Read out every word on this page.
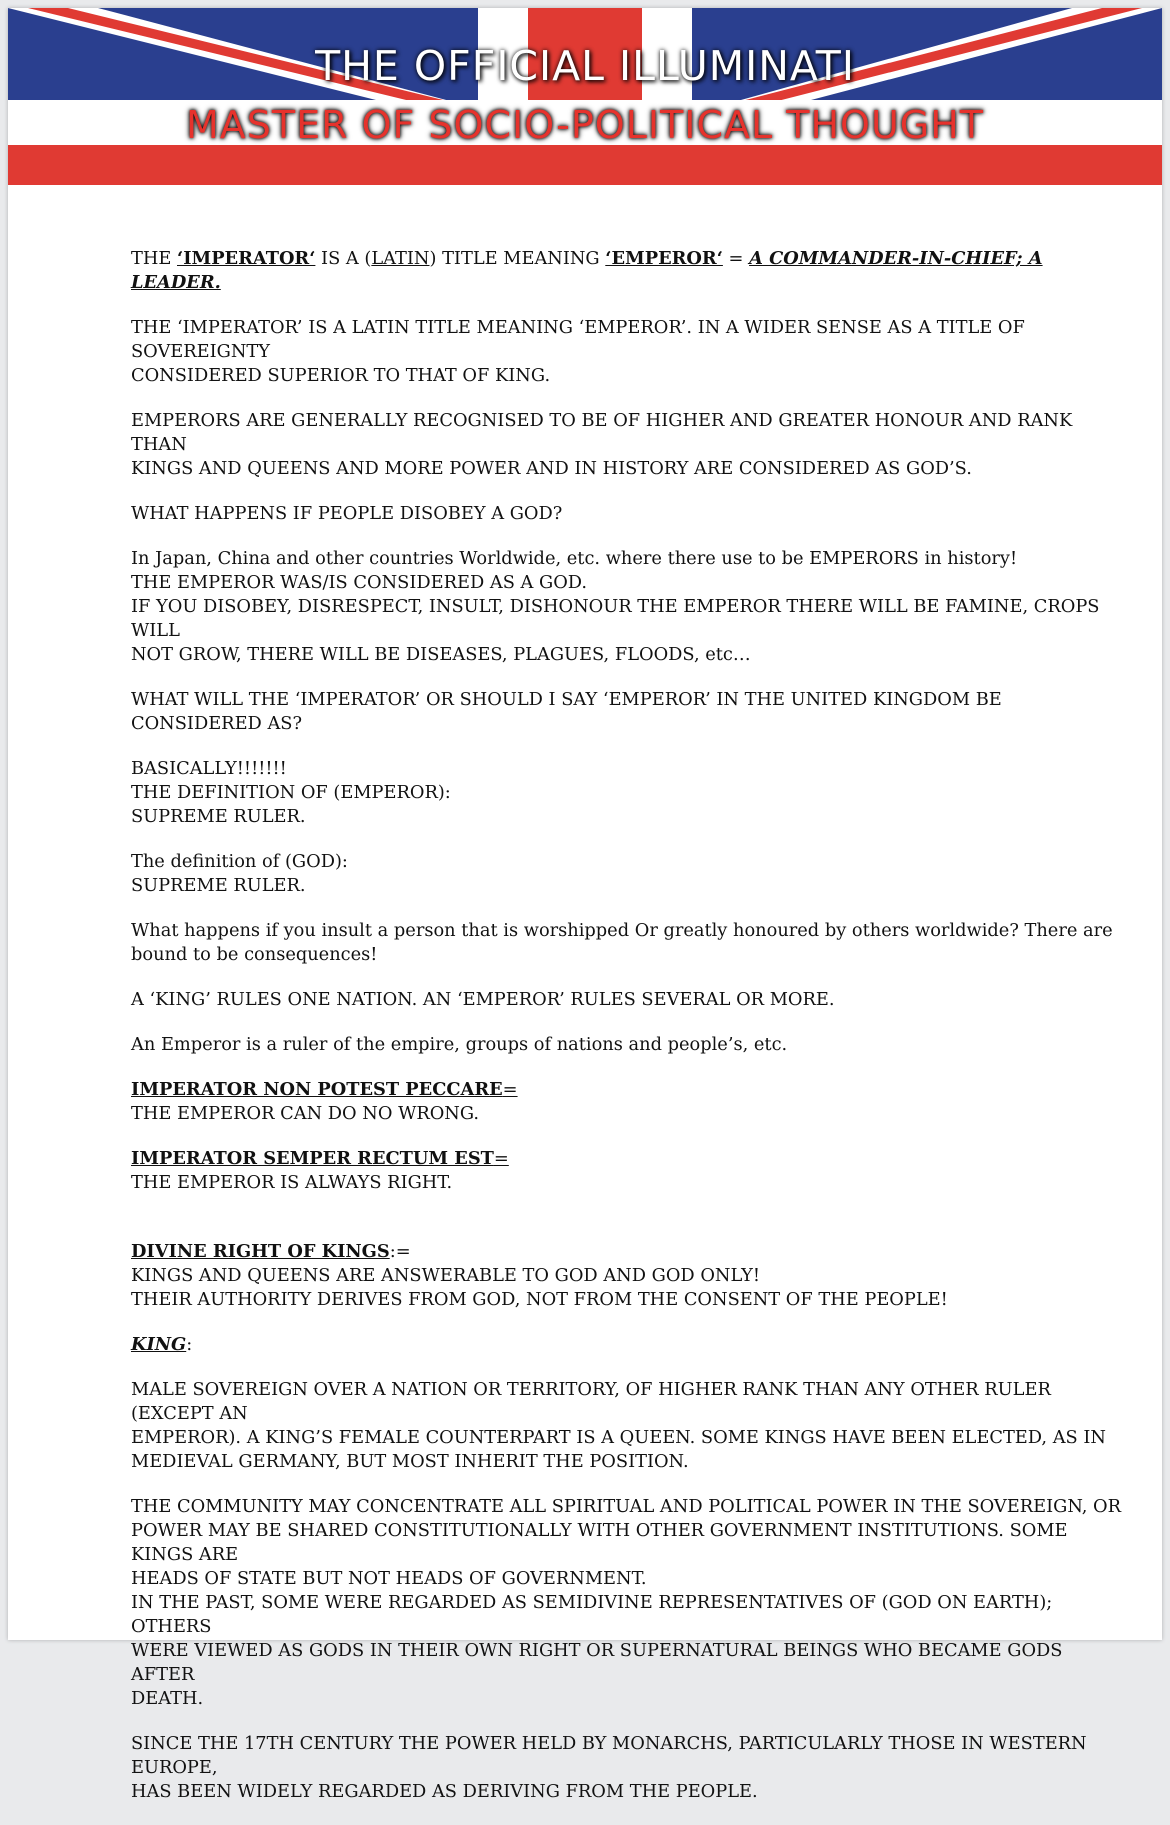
THE OFFICIAL ILLUMINATI
MASTER OF SOCIO-POLITICAL THOUGHT

THE ‘IMPERATOR‘ IS A (LATIN) TITLE MEANING ‘EMPEROR‘ = A COMMANDER-IN-CHIEF; A LEADER.

THE ‘IMPERATOR’ IS A LATIN TITLE MEANING ‘EMPEROR’. IN A WIDER SENSE AS A TITLE OF SOVEREIGNTY
CONSIDERED SUPERIOR TO THAT OF KING.

EMPERORS ARE GENERALLY RECOGNISED TO BE OF HIGHER AND GREATER HONOUR AND RANK THAN
KINGS AND QUEENS AND MORE POWER AND IN HISTORY ARE CONSIDERED AS GOD’S.

WHAT HAPPENS IF PEOPLE DISOBEY A GOD?

In Japan, China and other countries Worldwide, etc. where there use to be EMPERORS in history!
THE EMPEROR WAS/IS CONSIDERED AS A GOD.
IF YOU DISOBEY, DISRESPECT, INSULT, DISHONOUR THE EMPEROR THERE WILL BE FAMINE, CROPS WILL
NOT GROW, THERE WILL BE DISEASES, PLAGUES, FLOODS, etc…

WHAT WILL THE ‘IMPERATOR’ OR SHOULD I SAY ‘EMPEROR’ IN THE UNITED KINGDOM BE CONSIDERED AS?

BASICALLY!!!!!!!
THE DEFINITION OF (EMPEROR):
SUPREME RULER.

The definition of (GOD):
SUPREME RULER.

What happens if you insult a person that is worshipped Or greatly honoured by others worldwide? There are
bound to be consequences!

A ‘KING’ RULES ONE NATION. AN ‘EMPEROR’ RULES SEVERAL OR MORE.

An Emperor is a ruler of the empire, groups of nations and people’s, etc.

IMPERATOR NON POTEST PECCARE=
THE EMPEROR CAN DO NO WRONG.

IMPERATOR SEMPER RECTUM EST=
THE EMPEROR IS ALWAYS RIGHT.

DIVINE RIGHT OF KINGS:=
KINGS AND QUEENS ARE ANSWERABLE TO GOD AND GOD ONLY!
THEIR AUTHORITY DERIVES FROM GOD, NOT FROM THE CONSENT OF THE PEOPLE!

KING:

MALE SOVEREIGN OVER A NATION OR TERRITORY, OF HIGHER RANK THAN ANY OTHER RULER (EXCEPT AN
EMPEROR). A KING’S FEMALE COUNTERPART IS A QUEEN. SOME KINGS HAVE BEEN ELECTED, AS IN
MEDIEVAL GERMANY, BUT MOST INHERIT THE POSITION.

THE COMMUNITY MAY CONCENTRATE ALL SPIRITUAL AND POLITICAL POWER IN THE SOVEREIGN, OR
POWER MAY BE SHARED CONSTITUTIONALLY WITH OTHER GOVERNMENT INSTITUTIONS. SOME KINGS ARE
HEADS OF STATE BUT NOT HEADS OF GOVERNMENT.
IN THE PAST, SOME WERE REGARDED AS SEMIDIVINE REPRESENTATIVES OF (GOD ON EARTH); OTHERS
WERE VIEWED AS GODS IN THEIR OWN RIGHT OR SUPERNATURAL BEINGS WHO BECAME GODS AFTER
DEATH.

SINCE THE 17TH CENTURY THE POWER HELD BY MONARCHS, PARTICULARLY THOSE IN WESTERN EUROPE,
HAS BEEN WIDELY REGARDED AS DERIVING FROM THE PEOPLE.
